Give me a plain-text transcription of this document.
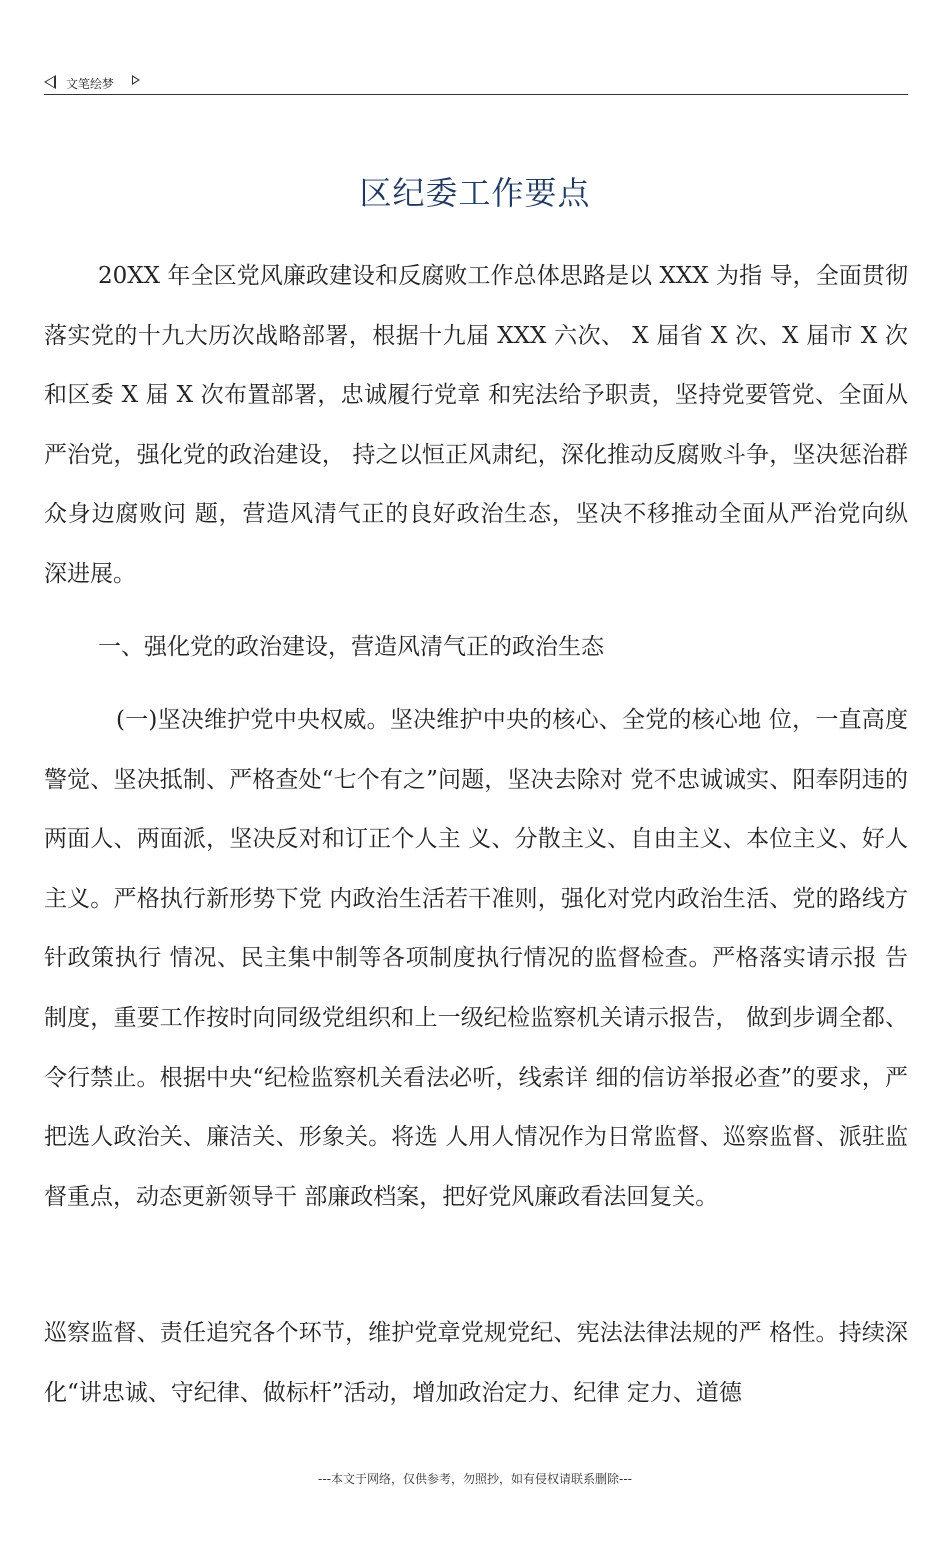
文笔绘梦
区纪委工作要点
20XX 年全区党风廉政建设和反腐败工作总体思路是以 XXX 为指 导，全面贯彻落实党的十九大历次战略部署，根据十九届 XXX 六次、 X 届省 X 次、X 届市 X 次和区委 X 届 X 次布置部署，忠诚履行党章 和宪法给予职责，坚持党要管党、全面从严治党，强化党的政治建设， 持之以恒正风肃纪，深化推动反腐败斗争，坚决惩治群众身边腐败问 题，营造风清气正的良好政治生态，坚决不移推动全面从严治党向纵 深进展。
一、强化党的政治建设，营造风清气正的政治生态
(一)坚决维护党中央权威。坚决维护中央的核心、全党的核心地 位，一直高度警觉、坚决抵制、严格查处“七个有之”问题，坚决去除对 党不忠诚诚实、阳奉阴违的两面人、两面派，坚决反对和订正个人主 义、分散主义、自由主义、本位主义、好人主义。严格执行新形势下党 内政治生活若干准则，强化对党内政治生活、党的路线方针政策执行 情况、民主集中制等各项制度执行情况的监督检查。严格落实请示报 告制度，重要工作按时向同级党组织和上一级纪检监察机关请示报告， 做到步调全都、令行禁止。根据中央“纪检监察机关看法必听，线索详 细的信访举报必查”的要求，严把选人政治关、廉洁关、形象关。将选 人用人情况作为日常监督、巡察监督、派驻监督重点，动态更新领导干 部廉政档案，把好党风廉政看法回复关。
巡察监督、责任追究各个环节，维护党章党规党纪、宪法法律法规的严 格性。持续深化“讲忠诚、守纪律、做标杆”活动，增加政治定力、纪律 定力、道德
---本文于网络，仅供参考，勿照抄，如有侵权请联系删除---
